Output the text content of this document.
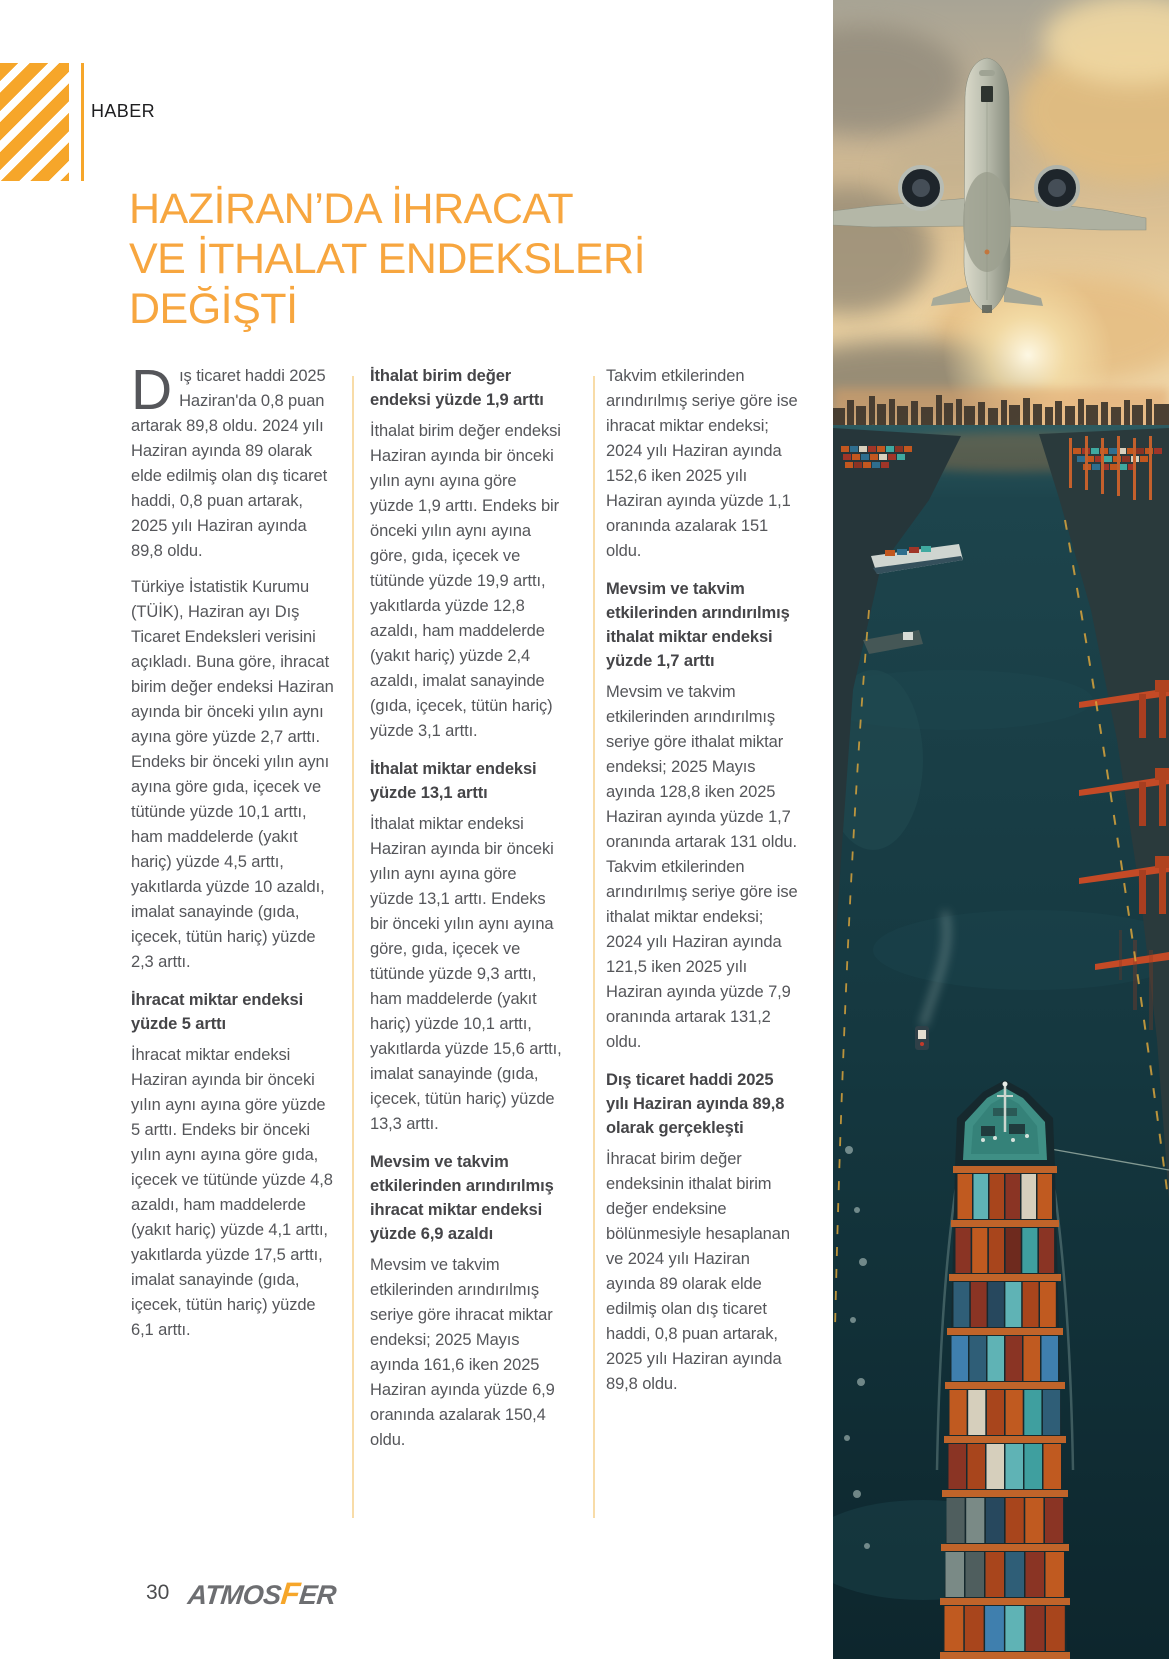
HABER
HAZİRAN’DA İHRACAT
VE İTHALAT ENDEKSLERİ
DEĞİŞTİ

Dış ticaret haddi 2025 Haziran'da 0,8 puan artarak 89,8 oldu. 2024 yılı Haziran ayında 89 olarak elde edilmiş olan dış ticaret haddi, 0,8 puan artarak, 2025 yılı Haziran ayında 89,8 oldu.

Türkiye İstatistik Kurumu (TÜİK), Haziran ayı Dış Ticaret Endeksleri verisini açıkladı. Buna göre, ihracat birim değer endeksi Haziran ayında bir önceki yılın aynı ayına göre yüzde 2,7 arttı. Endeks bir önceki yılın aynı ayına göre gıda, içecek ve tütünde yüzde 10,1 arttı, ham maddelerde (yakıt hariç) yüzde 4,5 arttı, yakıtlarda yüzde 10 azaldı, imalat sanayinde (gıda, içecek, tütün hariç) yüzde 2,3 arttı.

İhracat miktar endeksi yüzde 5 arttı

İhracat miktar endeksi Haziran ayında bir önceki yılın aynı ayına göre yüzde 5 arttı. Endeks bir önceki yılın aynı ayına göre gıda, içecek ve tütünde yüzde 4,8 azaldı, ham maddelerde (yakıt hariç) yüzde 4,1 arttı, yakıtlarda yüzde 17,5 arttı, imalat sanayinde (gıda, içecek, tütün hariç) yüzde 6,1 arttı.

İthalat birim değer endeksi yüzde 1,9 arttı

İthalat birim değer endeksi Haziran ayında bir önceki yılın aynı ayına göre yüzde 1,9 arttı. Endeks bir önceki yılın aynı ayına göre, gıda, içecek ve tütünde yüzde 19,9 arttı, yakıtlarda yüzde 12,8 azaldı, ham maddelerde (yakıt hariç) yüzde 2,4 azaldı, imalat sanayinde (gıda, içecek, tütün hariç) yüzde 3,1 arttı.

İthalat miktar endeksi yüzde 13,1 arttı

İthalat miktar endeksi Haziran ayında bir önceki yılın aynı ayına göre yüzde 13,1 arttı. Endeks bir önceki yılın aynı ayına göre, gıda, içecek ve tütünde yüzde 9,3 arttı, ham maddelerde (yakıt hariç) yüzde 10,1 arttı, yakıtlarda yüzde 15,6 arttı, imalat sanayinde (gıda, içecek, tütün hariç) yüzde 13,3 arttı.

Mevsim ve takvim etkilerinden arındırılmış ihracat miktar endeksi yüzde 6,9 azaldı

Mevsim ve takvim etkilerinden arındırılmış seriye göre ihracat miktar endeksi; 2025 Mayıs ayında 161,6 iken 2025 Haziran ayında yüzde 6,9 oranında azalarak 150,4 oldu.

Takvim etkilerinden arındırılmış seriye göre ise ihracat miktar endeksi; 2024 yılı Haziran ayında 152,6 iken 2025 yılı Haziran ayında yüzde 1,1 oranında azalarak 151 oldu.

Mevsim ve takvim etkilerinden arındırılmış ithalat miktar endeksi yüzde 1,7 arttı

Mevsim ve takvim etkilerinden arındırılmış seriye göre ithalat miktar endeksi; 2025 Mayıs ayında 128,8 iken 2025 Haziran ayında yüzde 1,7 oranında artarak 131 oldu. Takvim etkilerinden arındırılmış seriye göre ise ithalat miktar endeksi; 2024 yılı Haziran ayında 121,5 iken 2025 yılı Haziran ayında yüzde 7,9 oranında artarak 131,2 oldu.

Dış ticaret haddi 2025 yılı Haziran ayında 89,8 olarak gerçekleşti

İhracat birim değer endeksinin ithalat birim değer endeksine bölünmesiyle hesaplanan ve 2024 yılı Haziran ayında 89 olarak elde edilmiş olan dış ticaret haddi, 0,8 puan artarak, 2025 yılı Haziran ayında 89,8 oldu.

30 ATMOSFER
